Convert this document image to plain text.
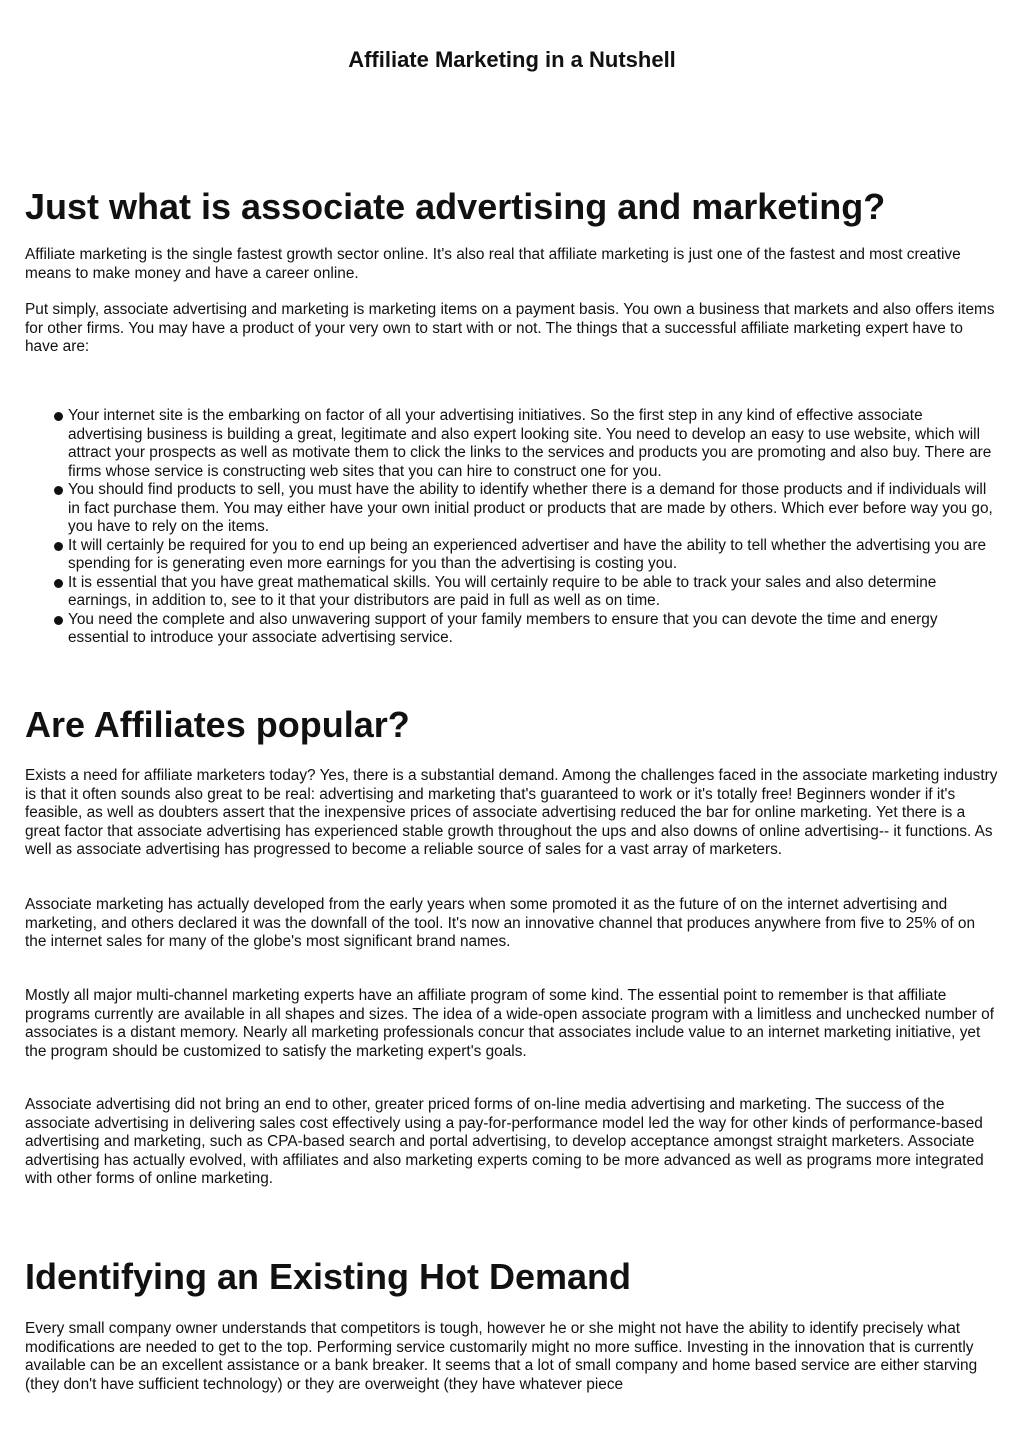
Affiliate Marketing in a Nutshell
Just what is associate advertising and marketing?

Affiliate marketing is the single fastest growth sector online. It's also real that affiliate marketing is just one of the fastest and most creative means to make money and have a career online.

Put simply, associate advertising and marketing is marketing items on a payment basis. You own a business that markets and also offers items for other firms. You may have a product of your very own to start with or not. The things that a successful affiliate marketing expert have to have are:

Your internet site is the embarking on factor of all your advertising initiatives. So the first step in any kind of effective associate advertising business is building a great, legitimate and also expert looking site. You need to develop an easy to use website, which will attract your prospects as well as motivate them to click the links to the services and products you are promoting and also buy. There are firms whose service is constructing web sites that you can hire to construct one for you.
You should find products to sell, you must have the ability to identify whether there is a demand for those products and if individuals will in fact purchase them. You may either have your own initial product or products that are made by others. Which ever before way you go, you have to rely on the items.
It will certainly be required for you to end up being an experienced advertiser and have the ability to tell whether the advertising you are spending for is generating even more earnings for you than the advertising is costing you.
It is essential that you have great mathematical skills. You will certainly require to be able to track your sales and also determine earnings, in addition to, see to it that your distributors are paid in full as well as on time.
You need the complete and also unwavering support of your family members to ensure that you can devote the time and energy essential to introduce your associate advertising service.
Are Affiliates popular?

Exists a need for affiliate marketers today? Yes, there is a substantial demand. Among the challenges faced in the associate marketing industry is that it often sounds also great to be real: advertising and marketing that's guaranteed to work or it's totally free! Beginners wonder if it's feasible, as well as doubters assert that the inexpensive prices of associate advertising reduced the bar for online marketing. Yet there is a great factor that associate advertising has experienced stable growth throughout the ups and also downs of online advertising-- it functions. As well as associate advertising has progressed to become a reliable source of sales for a vast array of marketers.

Associate marketing has actually developed from the early years when some promoted it as the future of on the internet advertising and marketing, and others declared it was the downfall of the tool. It's now an innovative channel that produces anywhere from five to 25% of on the internet sales for many of the globe's most significant brand names.

Mostly all major multi-channel marketing experts have an affiliate program of some kind. The essential point to remember is that affiliate programs currently are available in all shapes and sizes. The idea of a wide-open associate program with a limitless and unchecked number of associates is a distant memory. Nearly all marketing professionals concur that associates include value to an internet marketing initiative, yet the program should be customized to satisfy the marketing expert's goals.

Associate advertising did not bring an end to other, greater priced forms of on-line media advertising and marketing. The success of the associate advertising in delivering sales cost effectively using a pay-for-performance model led the way for other kinds of performance-based advertising and marketing, such as CPA-based search and portal advertising, to develop acceptance amongst straight marketers. Associate advertising has actually evolved, with affiliates and also marketing experts coming to be more advanced as well as programs more integrated with other forms of online marketing.

Identifying an Existing Hot Demand

Every small company owner understands that competitors is tough, however he or she might not have the ability to identify precisely what modifications are needed to get to the top. Performing service customarily might no more suffice. Investing in the innovation that is currently available can be an excellent assistance or a bank breaker. It seems that a lot of small company and home based service are either starving (they don't have sufficient technology) or they are overweight (they have whatever piece
